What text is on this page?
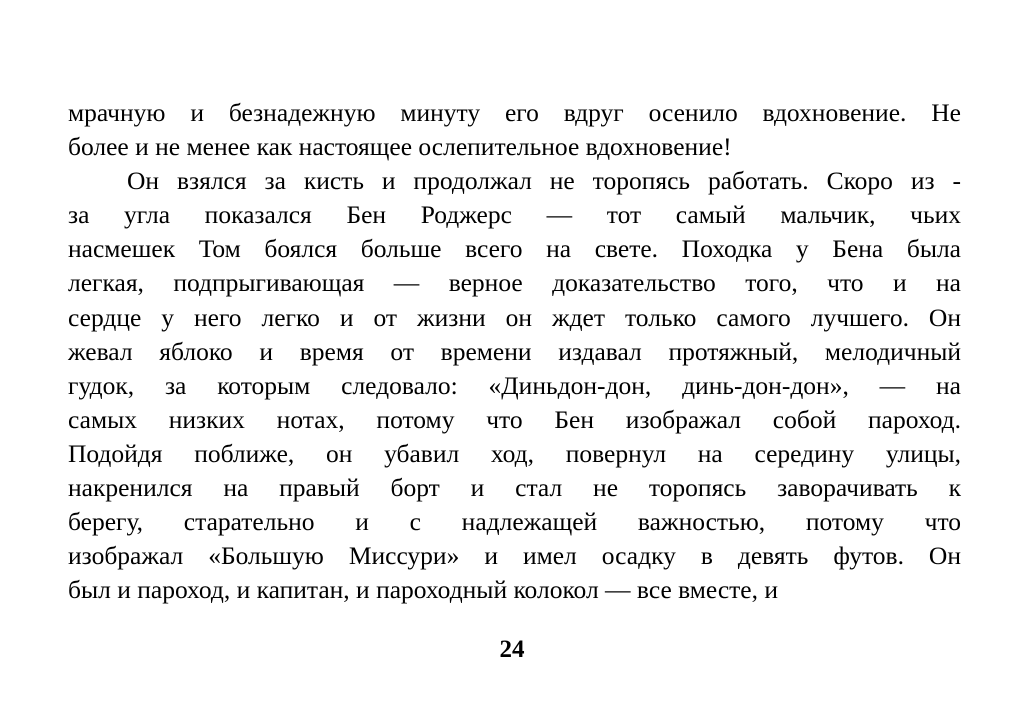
мрачную и безнадежную минуту его вдруг осенило вдохновение. Не
более и не менее как настоящее ослепительное вдохновение!
Он взялся за кисть и продолжал не торопясь работать. Скоро из -
за угла показался Бен Роджерс — тот самый мальчик, чьих
насмешек Том боялся больше всего на свете. Походка у Бена была
легкая, подпрыгивающая — верное доказательство того, что и на
сердце у него легко и от жизни он ждет только самого лучшего. Он
жевал яблоко и время от времени издавал протяжный, мелодичный
гудок, за которым следовало: «Диньдон-дон, динь-дон-дон», — на
самых низких нотах, потому что Бен изображал собой пароход.
Подойдя поближе, он убавил ход, повернул на середину улицы,
накренился на правый борт и стал не торопясь заворачивать к
берегу, старательно и с надлежащей важностью, потому что
изображал «Большую Миссури» и имел осадку в девять футов. Он
был и пароход, и капитан, и пароходный колокол — все вместе, и
24
